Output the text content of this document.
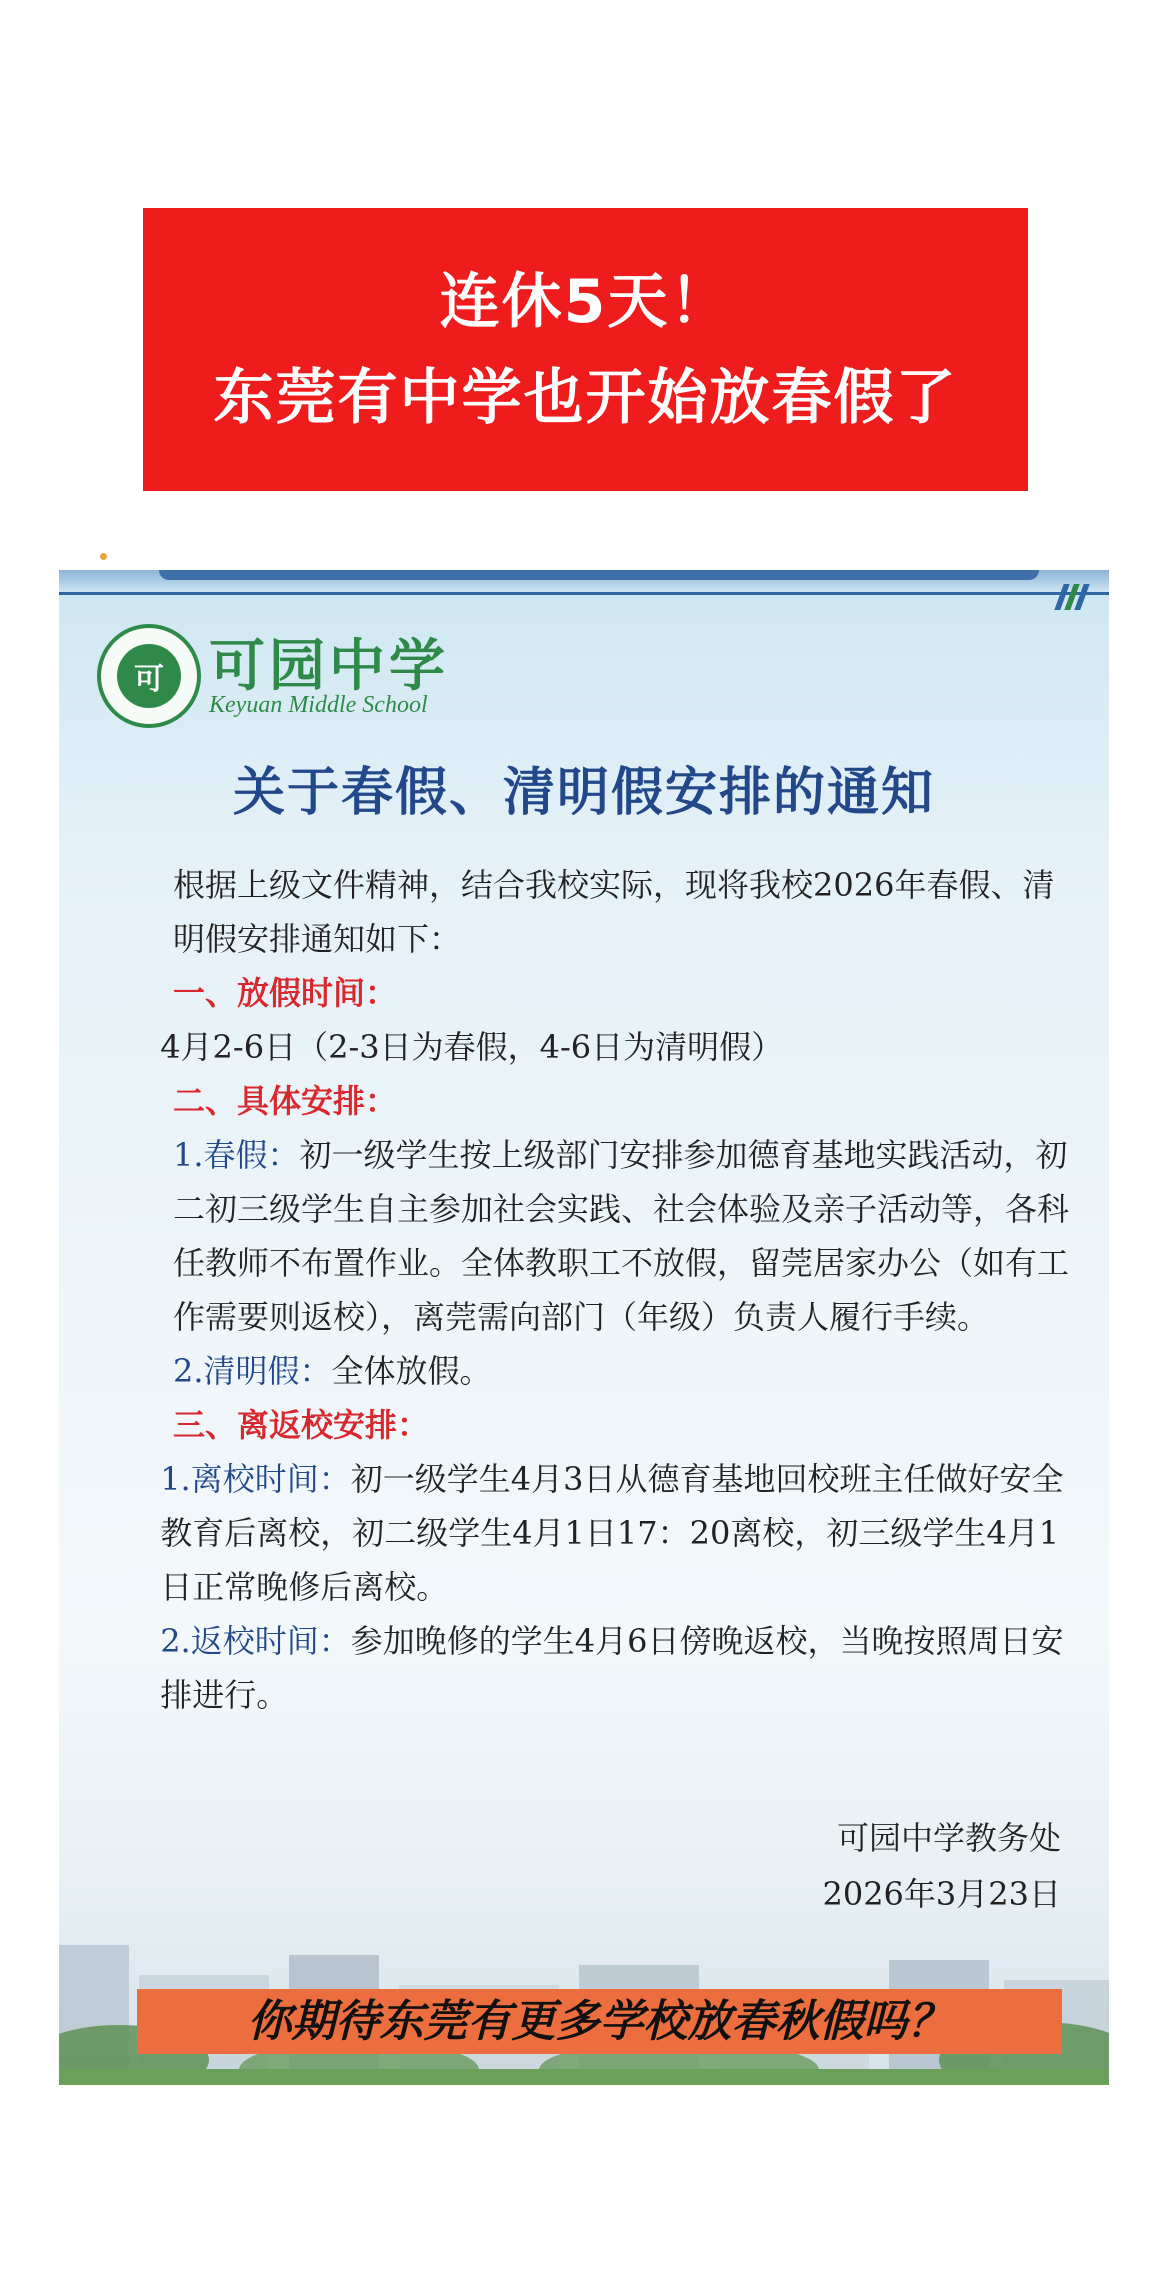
连休5天！
东莞有中学也开始放春假了
可 可园中学
Keyuan Middle School
关于春假、清明假安排的通知

根据上级文件精神，结合我校实际，现将我校2026年春假、清明假安排通知如下：

一、放假时间：

4月2-6日（2-3日为春假，4-6日为清明假）

二、具体安排：

1.春假：初一级学生按上级部门安排参加德育基地实践活动，初二初三级学生自主参加社会实践、社会体验及亲子活动等，各科任教师不布置作业。全体教职工不放假，留莞居家办公（如有工作需要则返校），离莞需向部门（年级）负责人履行手续。

2.清明假：全体放假。

三、离返校安排：

1.离校时间：初一级学生4月3日从德育基地回校班主任做好安全教育后离校，初二级学生4月1日17：20离校，初三级学生4月1日正常晚修后离校。

2.返校时间：参加晚修的学生4月6日傍晚返校，当晚按照周日安排进行。

可园中学教务处
2026年3月23日
你期待东莞有更多学校放春秋假吗？
